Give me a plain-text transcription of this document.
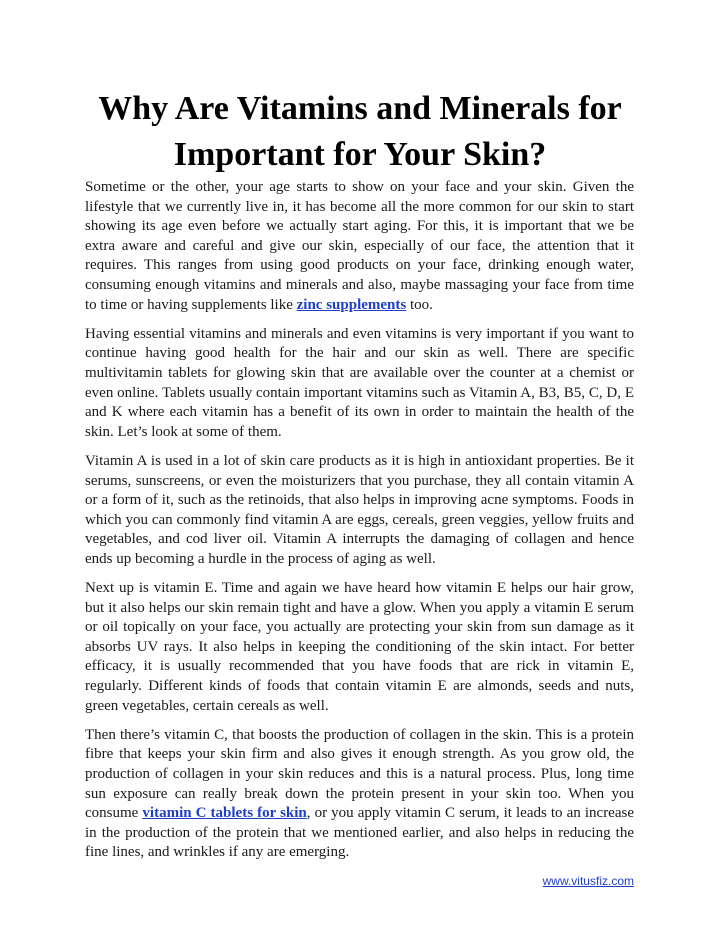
Why Are Vitamins and Minerals for Important for Your Skin?

Sometime or the other, your age starts to show on your face and your skin. Given the lifestyle that we currently live in, it has become all the more common for our skin to start showing its age even before we actually start aging. For this, it is important that we be extra aware and careful and give our skin, especially of our face, the attention that it requires. This ranges from using good products on your face, drinking enough water, consuming enough vitamins and minerals and also, maybe massaging your face from time to time or having supplements like zinc supplements too.

Having essential vitamins and minerals and even vitamins is very important if you want to continue having good health for the hair and our skin as well. There are specific multivitamin tablets for glowing skin that are available over the counter at a chemist or even online. Tablets usually contain important vitamins such as Vitamin A, B3, B5, C, D, E and K where each vitamin has a benefit of its own in order to maintain the health of the skin. Let’s look at some of them.

Vitamin A is used in a lot of skin care products as it is high in antioxidant properties. Be it serums, sunscreens, or even the moisturizers that you purchase, they all contain vitamin A or a form of it, such as the retinoids, that also helps in improving acne symptoms. Foods in which you can commonly find vitamin A are eggs, cereals, green veggies, yellow fruits and vegetables, and cod liver oil. Vitamin A interrupts the damaging of collagen and hence ends up becoming a hurdle in the process of aging as well.

Next up is vitamin E. Time and again we have heard how vitamin E helps our hair grow, but it also helps our skin remain tight and have a glow. When you apply a vitamin E serum or oil topically on your face, you actually are protecting your skin from sun damage as it absorbs UV rays. It also helps in keeping the conditioning of the skin intact. For better efficacy, it is usually recommended that you have foods that are rick in vitamin E, regularly. Different kinds of foods that contain vitamin E are almonds, seeds and nuts, green vegetables, certain cereals as well.

Then there’s vitamin C, that boosts the production of collagen in the skin. This is a protein fibre that keeps your skin firm and also gives it enough strength. As you grow old, the production of collagen in your skin reduces and this is a natural process. Plus, long time sun exposure can really break down the protein present in your skin too. When you consume vitamin C tablets for skin, or you apply vitamin C serum, it leads to an increase in the production of the protein that we mentioned earlier, and also helps in reducing the fine lines, and wrinkles if any are emerging.

www.vitusfiz.com
